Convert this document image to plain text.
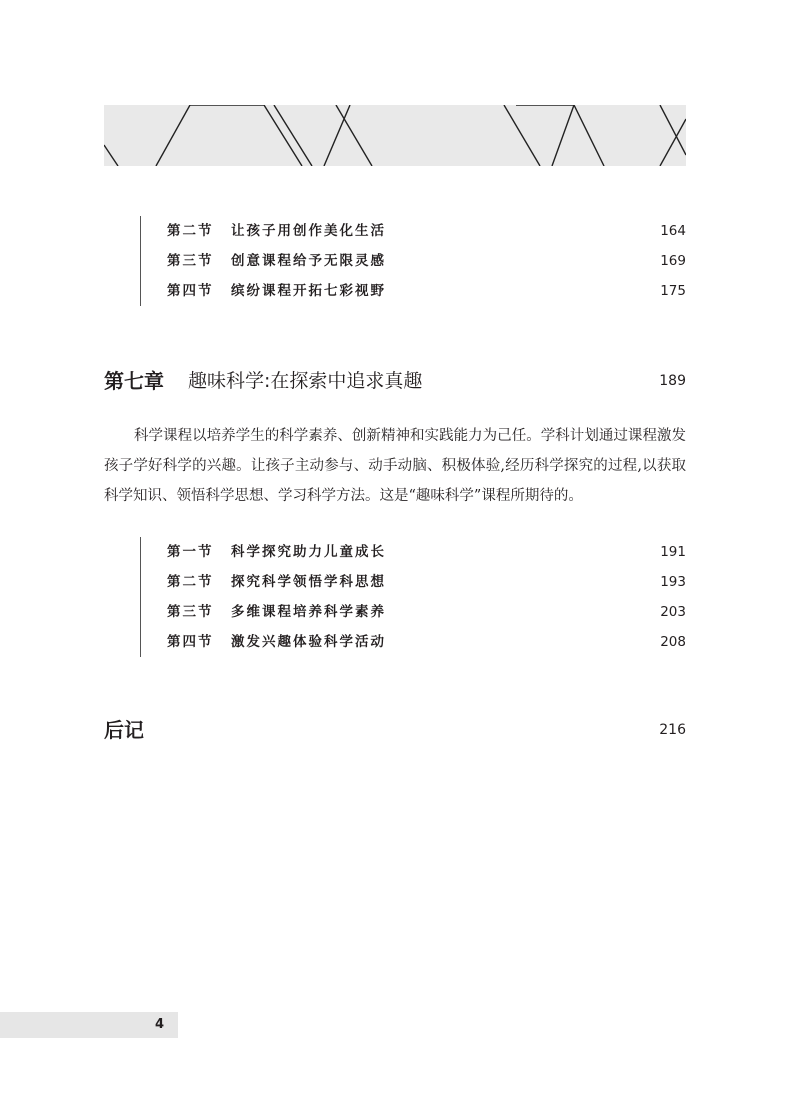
第二节 让孩子用创作美化生活	164
第三节 创意课程给予无限灵感	169
第四节 缤纷课程开拓七彩视野	175
第七章 趣味科学:在探索中追求真趣	189

科学课程以培养学生的科学素养、创新精神和实践能力为己任。学科计划通过课程激发孩子学好科学的兴趣。让孩子主动参与、动手动脑、积极体验,经历科学探究的过程,以获取科学知识、领悟科学思想、学习科学方法。这是“趣味科学”课程所期待的。

第一节 科学探究助力儿童成长	191
第二节 探究科学领悟学科思想	193
第三节 多维课程培养科学素养	203
第四节 激发兴趣体验科学活动	208
后记	216
4
